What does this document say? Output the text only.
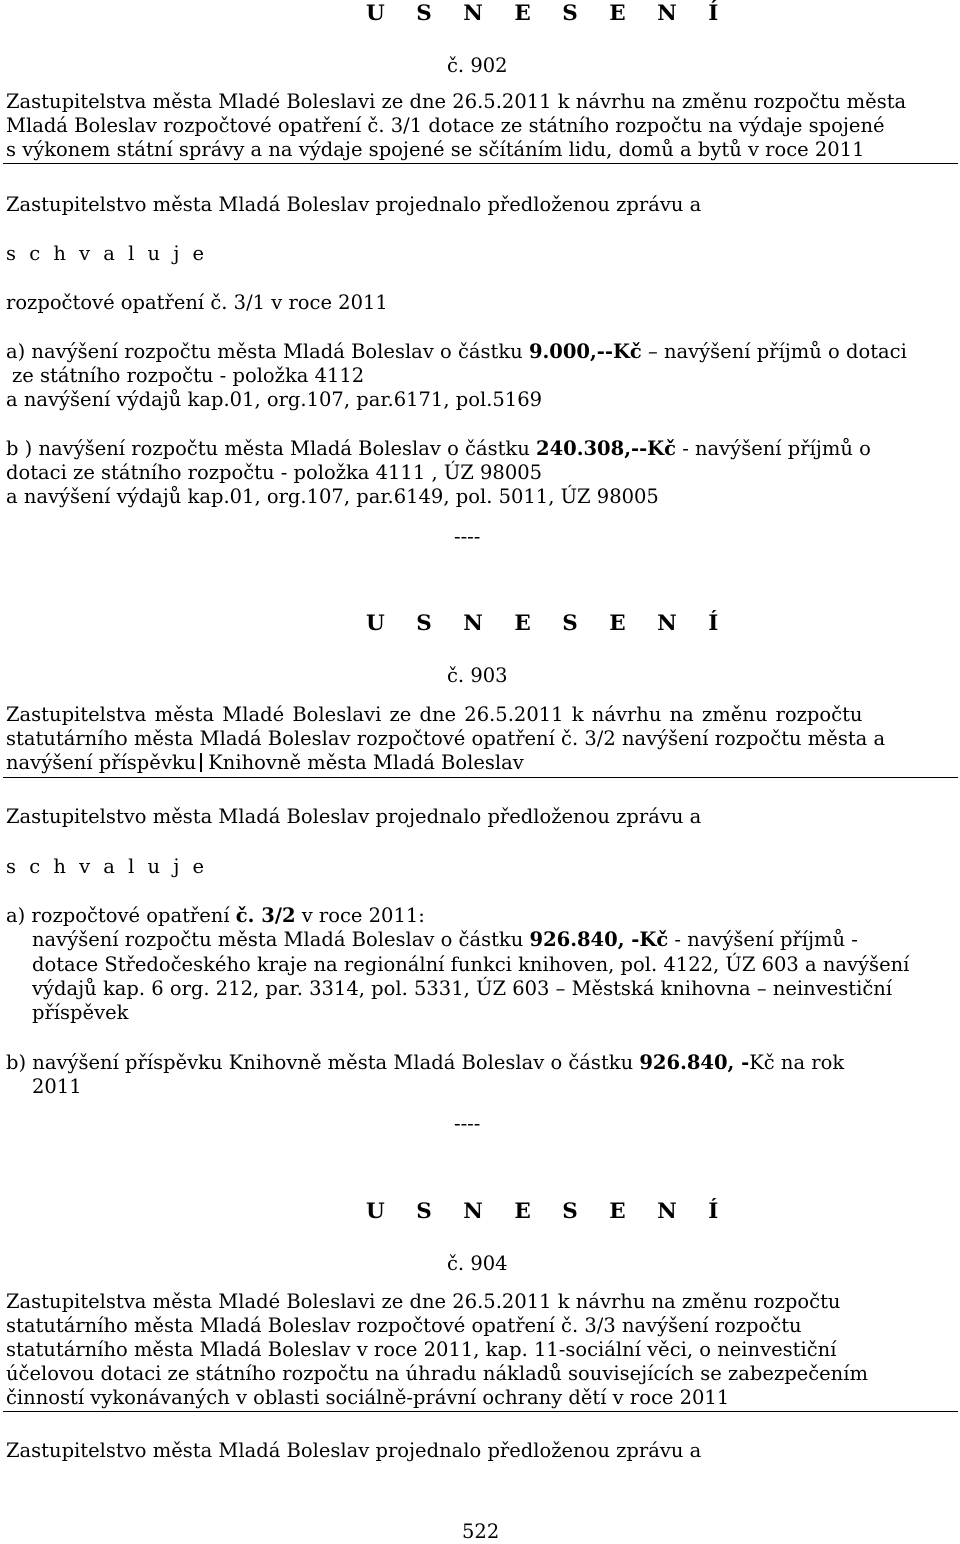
U S N E S E N Í
č. 902
Zastupitelstva města Mladé Boleslavi ze dne 26.5.2011 k návrhu na změnu rozpočtu města
Mladá Boleslav rozpočtové opatření č. 3/1 dotace ze státního rozpočtu na výdaje spojené
s výkonem státní správy a na výdaje spojené se sčítáním lidu, domů a bytů v roce 2011
Zastupitelstvo města Mladá Boleslav projednalo předloženou zprávu a
s c h v a l u j e
rozpočtové opatření č. 3/1 v roce 2011
a) navýšení rozpočtu města Mladá Boleslav o částku 9.000,--Kč – navýšení příjmů o dotaci
ze státního rozpočtu - položka 4112
a navýšení výdajů kap.01, org.107, par.6171, pol.5169
b ) navýšení rozpočtu města Mladá Boleslav o částku 240.308,--Kč - navýšení příjmů o
dotaci ze státního rozpočtu - položka 4111 , ÚZ 98005
a navýšení výdajů kap.01, org.107, par.6149, pol. 5011, ÚZ 98005
----
U S N E S E N Í
č. 903
Zastupitelstva města Mladé Boleslavi ze dne 26.5.2011 k návrhu na změnu rozpočtu
statutárního města Mladá Boleslav rozpočtové opatření č. 3/2 navýšení rozpočtu města a
navýšení příspěvku Knihovně města Mladá Boleslav
Zastupitelstvo města Mladá Boleslav projednalo předloženou zprávu a
s c h v a l u j e
a) rozpočtové opatření č. 3/2 v roce 2011:
navýšení rozpočtu města Mladá Boleslav o částku 926.840, -Kč - navýšení příjmů -
dotace Středočeského kraje na regionální funkci knihoven, pol. 4122, ÚZ 603 a navýšení
výdajů kap. 6 org. 212, par. 3314, pol. 5331, ÚZ 603 – Městská knihovna – neinvestiční
příspěvek
b) navýšení příspěvku Knihovně města Mladá Boleslav o částku 926.840, -Kč na rok
2011
----
U S N E S E N Í
č. 904
Zastupitelstva města Mladé Boleslavi ze dne 26.5.2011 k návrhu na změnu rozpočtu
statutárního města Mladá Boleslav rozpočtové opatření č. 3/3 navýšení rozpočtu
statutárního města Mladá Boleslav v roce 2011, kap. 11-sociální věci, o neinvestiční
účelovou dotaci ze státního rozpočtu na úhradu nákladů souvisejících se zabezpečením
činností vykonávaných v oblasti sociálně-právní ochrany dětí v roce 2011
Zastupitelstvo města Mladá Boleslav projednalo předloženou zprávu a
522
